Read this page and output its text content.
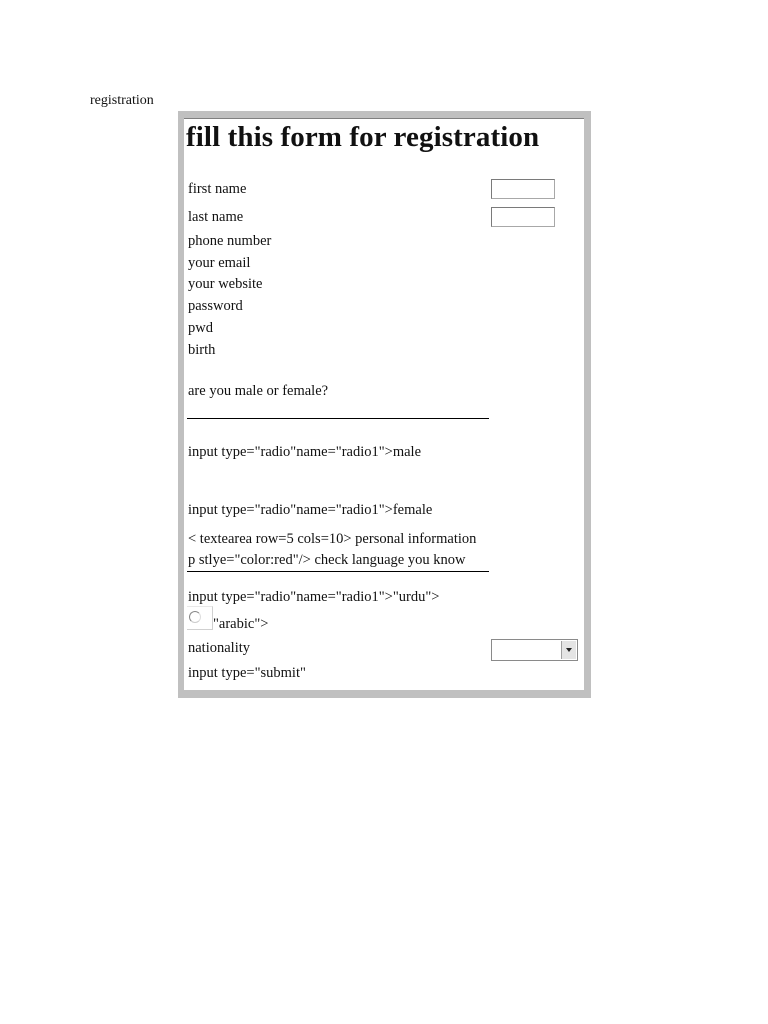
registration
fill this form for registration
first name
last name
phone number
your email
your website
password
pwd
birth
are you male or female?
input type="radio"name="radio1">male
input type="radio"name="radio1">female
< textearea row=5 cols=10> personal information
p stlye="color:red"/> check language you know
input type="radio"name="radio1">"urdu">
"arabic">
nationality
input type="submit"
